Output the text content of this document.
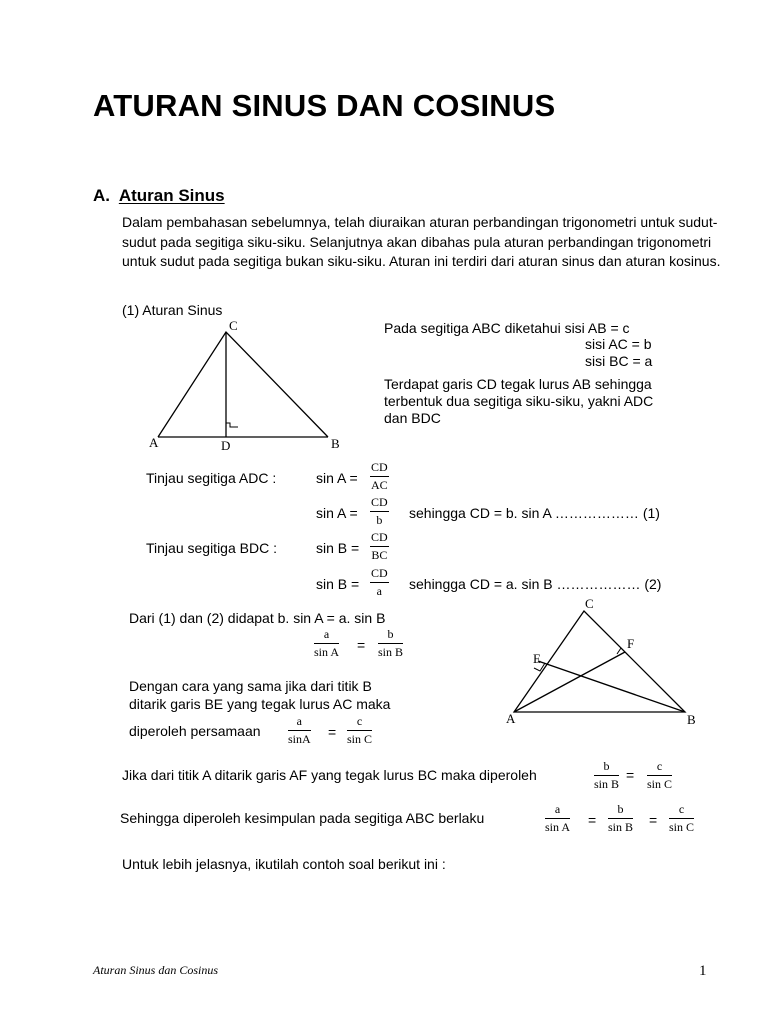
ATURAN SINUS DAN COSINUS
A. Aturan Sinus
Dalam pembahasan sebelumnya, telah diuraikan aturan perbandingan trigonometri untuk sudut-sudut pada segitiga siku-siku. Selanjutnya akan dibahas pula aturan perbandingan trigonometri untuk sudut pada segitiga bukan siku-siku. Aturan ini terdiri dari aturan sinus dan aturan kosinus.
(1) Aturan Sinus
C
A	D	B
Pada segitiga ABC diketahui sisi AB = c
sisi AC = b
sisi BC = a
Terdapat garis CD tegak lurus AB sehingga
terbentuk dua segitiga siku-siku, yakni ADC
dan BDC
Tinjau segitiga ADC :	$\sin A = \frac{CD}{AC}$
$\sin A = \frac{CD}{b}$ sehingga CD = b. sin A ……………… (1)
Tinjau segitiga BDC :	$\sin B = \frac{CD}{BC}$
$\sin B = \frac{CD}{a}$ sehingga CD = a. sin B ……………… (2)
Dari (1) dan (2) didapat b. sin A = a. sin B
$\frac{a}{\text{sin A}} = \frac{b}{\text{sin B}}$
C
F
E
A	B
Dengan cara yang sama jika dari titik B
ditarik garis BE yang tegak lurus AC maka
diperoleh persamaan $\frac{a}{\sin A} = \frac{c}{\text{sin C}}$
Jika dari titik A ditarik garis AF yang tegak lurus BC maka diperoleh	$\frac{b}{\text{sin B}} = \frac{c}{\text{sin C}}$
Sehingga diperoleh kesimpulan pada segitiga ABC berlaku	$\frac{a}{\text{sin A}} = \frac{b}{\text{sin B}} = \frac{c}{\text{sin C}}$
Untuk lebih jelasnya, ikutilah contoh soal berikut ini :
Aturan Sinus dan Cosinus	1
